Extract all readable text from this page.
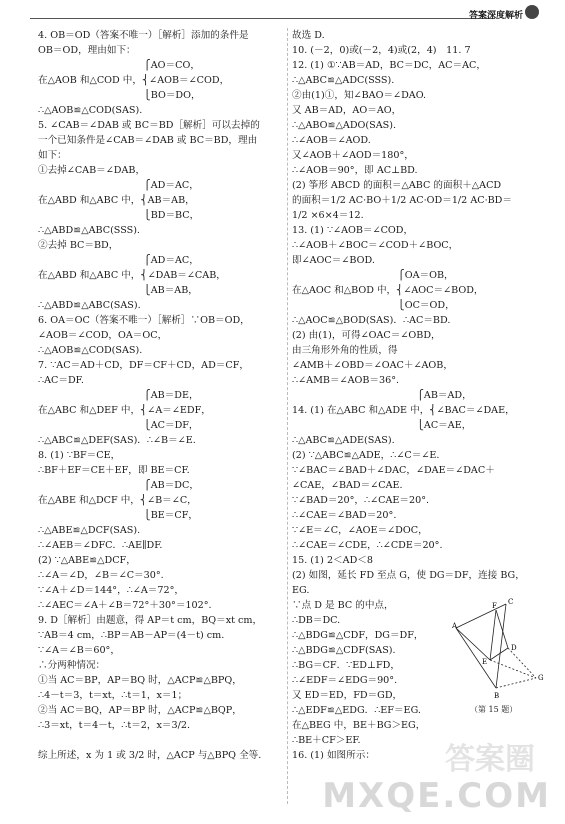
答案深度解析
4. OB＝OD（答案不唯一）［解析］添加的条件是
OB＝OD，理由如下：
　　　　　　　　　　　⎧AO＝CO，
在△AOB 和△COD 中，⎨∠AOB＝∠COD，
　　　　　　　　　　　⎩BO＝DO，
∴△AOB≌△COD(SAS).
5. ∠CAB＝∠DAB 或 BC＝BD［解析］可以去掉的
一个已知条件是∠CAB＝∠DAB 或 BC＝BD，理由
如下：
①去掉∠CAB＝∠DAB，
　　　　　　　　　　　⎧AD＝AC，
在△ABD 和△ABC 中，⎨AB＝AB，
　　　　　　　　　　　⎩BD＝BC，
∴△ABD≌△ABC(SSS).
②去掉 BC＝BD，
　　　　　　　　　　　⎧AD＝AC，
在△ABD 和△ABC 中，⎨∠DAB＝∠CAB，
　　　　　　　　　　　⎩AB＝AB，
∴△ABD≌△ABC(SAS).
6. OA＝OC（答案不唯一）［解析］∵OB＝OD，
∠AOB＝∠COD，OA＝OC，
∴△AOB≌△COD(SAS).
7. ∵AC＝AD＋CD，DF＝CF＋CD，AD＝CF，
∴AC＝DF.
　　　　　　　　　　　⎧AB＝DE，
在△ABC 和△DEF 中，⎨∠A＝∠EDF，
　　　　　　　　　　　⎩AC＝DF，
∴△ABC≌△DEF(SAS)．∴∠B＝∠E.
8. (1) ∵BF＝CE，
∴BF＋EF＝CE＋EF，即 BE＝CF.
　　　　　　　　　　　⎧AB＝DC，
在△ABE 和△DCF 中，⎨∠B＝∠C，
　　　　　　　　　　　⎩BE＝CF，
∴△ABE≌△DCF(SAS).
∴∠AEB＝∠DFC．∴AE∥DF.
(2) ∵△ABE≌△DCF，
∴∠A＝∠D，∠B＝∠C＝30°.
∵∠A＋∠D＝144°，∴∠A＝72°，
∴∠AEC＝∠A＋∠B＝72°＋30°＝102°.
9. D［解析］由题意，得 AP＝t cm，BQ＝xt cm，
∵AB＝4 cm，∴BP＝AB－AP＝(4－t) cm.
∵∠A＝∠B＝60°，
∴分两种情况：
①当 AC＝BP，AP＝BQ 时，△ACP≌△BPQ，
∴4－t＝3，t＝xt，∴t＝1，x＝1；
②当 AC＝BQ，AP＝BP 时，△ACP≌△BQP，
∴3＝xt，t＝4－t，∴t＝2，x＝3/2.

综上所述，x 为 1 或 3/2 时，△ACP 与△BPQ 全等.
故选 D.
10. (－2，0)或(－2，4)或(2，4)　11. 7
12. (1) ①∵AB＝AD，BC＝DC，AC＝AC，
∴△ABC≌△ADC(SSS).
②由(1)①，知∠BAO＝∠DAO.
又 AB＝AD，AO＝AO，
∴△ABO≌△ADO(SAS).
∴∠AOB＝∠AOD.
又∠AOB＋∠AOD＝180°，
∴∠AOB＝90°，即 AC⊥BD.
(2) 筝形 ABCD 的面积＝△ABC 的面积＋△ACD
的面积＝1/2 AC·BO＋1/2 AC·OD＝1/2 AC·BD＝
1/2 ×6×4＝12.
13. (1) ∵∠AOB＝∠COD，
∴∠AOB＋∠BOC＝∠COD＋∠BOC，
即∠AOC＝∠BOD.
　　　　　　　　　　　⎧OA＝OB，
在△AOC 和△BOD 中，⎨∠AOC＝∠BOD，
　　　　　　　　　　　⎩OC＝OD，
∴△AOC≌△BOD(SAS)．∴AC＝BD.
(2) 由(1)，可得∠OAC＝∠OBD，
由三角形外角的性质，得
∠AMB＋∠OBD＝∠OAC＋∠AOB，
∴∠AMB＝∠AOB＝36°.
　　　　　　　　　　　　　⎧AB＝AD，
14. (1) 在△ABC 和△ADE 中，⎨∠BAC＝∠DAE，
　　　　　　　　　　　　　⎩AC＝AE，
∴△ABC≌△ADE(SAS).
(2) ∵△ABC≌△ADE，∴∠C＝∠E.
∵∠BAC＝∠BAD＋∠DAC，∠DAE＝∠DAC＋
∠CAE，∠BAD＝∠CAE.
∵∠BAD＝20°，∴∠CAE＝20°.
∴∠CAE＝∠BAD＝20°.
∵∠E＝∠C，∠AOE＝∠DOC，
∴∠CAE＝∠CDE，∴∠CDE＝20°.
15. (1) 2＜AD＜8
(2) 如图，延长 FD 至点 G，使 DG＝DF，连接 BG，
EG.
∵点 D 是 BC 的中点，
∴DB＝DC.
∴△BDG≌△CDF，DG＝DF，
∴△BDG≌△CDF(SAS).
∴BG＝CF．∵ED⊥FD，
∴∠EDF＝∠EDG＝90°.
又 ED＝ED，FD＝GD，
∴△EDF≌△EDG．∴EF＝EG.
在△BEG 中，BE＋BG＞EG，
∴BE＋CF＞EF.
16. (1) 如图所示：
A
B
C
D
E
F
G
（第 15 题）
答案圈
MXQE.COM
